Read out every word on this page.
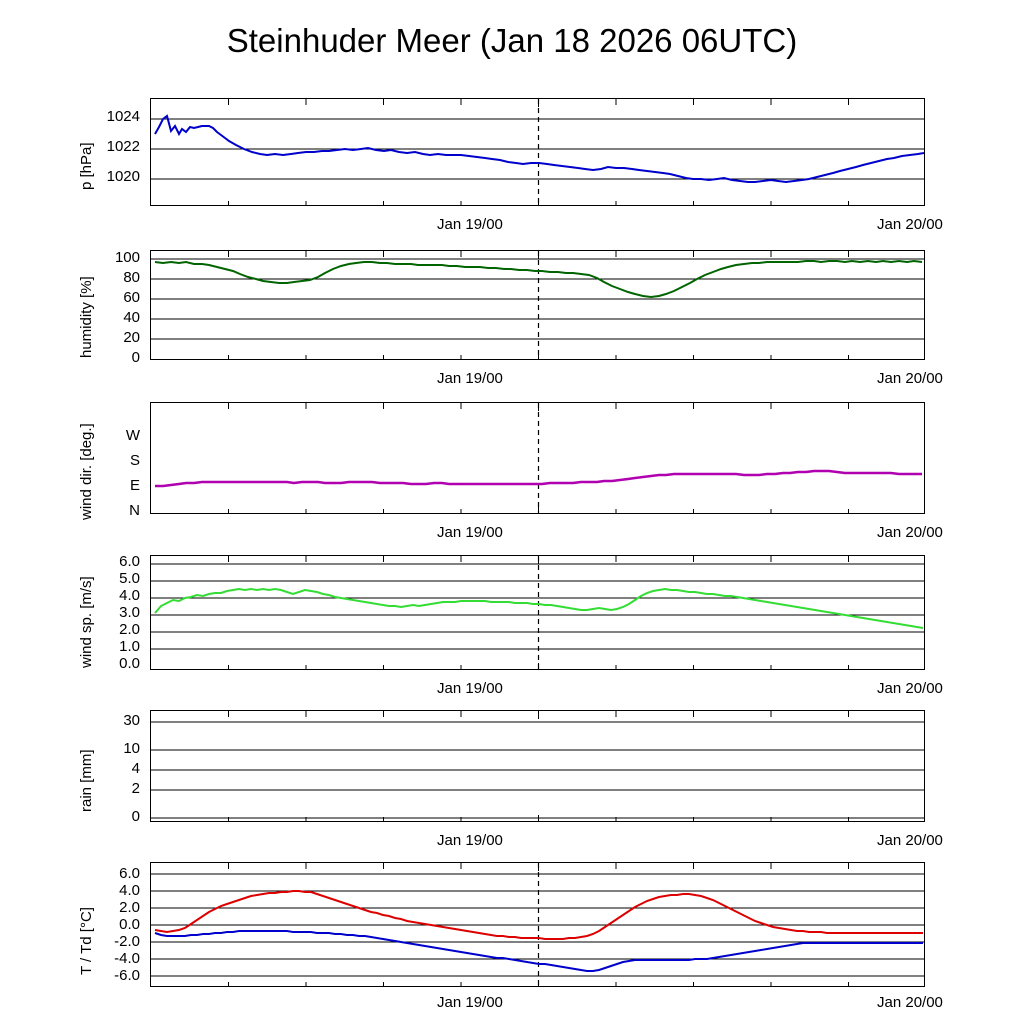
Steinhuder Meer (Jan 18 2026 06UTC)
p [hPa]
1024
1022
1020
Jan 19/00	Jan 20/00
humidity [%]
100
80
60
40
20
0
Jan 19/00	Jan 20/00
wind dir. [deg.]	W
S
E
N
Jan 19/00	Jan 20/00
wind sp. [m/s]
6.0
5.0
4.0
3.0
2.0
1.0
0.0
Jan 19/00	Jan 20/00
rain [mm]
30
10
4
2
0
Jan 19/00	Jan 20/00
T / Td [°C]
6.0
4.0
2.0
0.0
-2.0
-4.0
-6.0
Jan 19/00	Jan 20/00
